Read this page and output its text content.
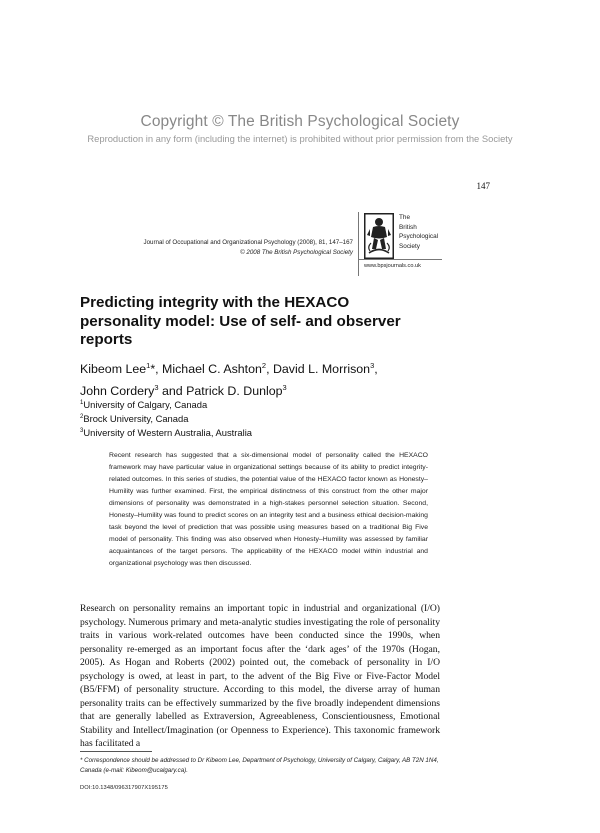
Copyright © The British Psychological Society
Reproduction in any form (including the internet) is prohibited without prior permission from the Society
147
Journal of Occupational and Organizational Psychology (2008), 81, 147–167
© 2008 The British Psychological Society
The
British
Psychological
Society
www.bpsjournals.co.uk
Predicting integrity with the HEXACO personality model: Use of self- and observer reports
Kibeom Lee$^1$*, Michael C. Ashton$^2$, David L. Morrison$^3$,
John Cordery$^3$ and Patrick D. Dunlop$^3$
$^1$University of Calgary, Canada
$^2$Brock University, Canada
$^3$University of Western Australia, Australia
Recent research has suggested that a six-dimensional model of personality called the HEXACO framework may have particular value in organizational settings because of its ability to predict integrity-related outcomes. In this series of studies, the potential value of the HEXACO factor known as Honesty–Humility was further examined. First, the empirical distinctness of this construct from the other major dimensions of personality was demonstrated in a high-stakes personnel selection situation. Second, Honesty–Humility was found to predict scores on an integrity test and a business ethical decision-making task beyond the level of prediction that was possible using measures based on a traditional Big Five model of personality. This finding was also observed when Honesty–Humility was assessed by familiar acquaintances of the target persons. The applicability of the HEXACO model within industrial and organizational psychology was then discussed.
Research on personality remains an important topic in industrial and organizational (I/O) psychology. Numerous primary and meta-analytic studies investigating the role of personality traits in various work-related outcomes have been conducted since the 1990s, when personality re-emerged as an important focus after the ‘dark ages’ of the 1970s (Hogan, 2005). As Hogan and Roberts (2002) pointed out, the comeback of personality in I/O psychology is owed, at least in part, to the advent of the Big Five or Five-Factor Model (B5/FFM) of personality structure. According to this model, the diverse array of human personality traits can be effectively summarized by the five broadly independent dimensions that are generally labelled as Extraversion, Agreeableness, Conscientiousness, Emotional Stability and Intellect/Imagination (or Openness to Experience). This taxonomic framework has facilitated a
* Correspondence should be addressed to Dr Kibeom Lee, Department of Psychology, University of Calgary, Calgary, AB T2N 1N4, Canada (e-mail: Kibeom@ucalgary.ca).
DOI:10.1348/096317907X195175
